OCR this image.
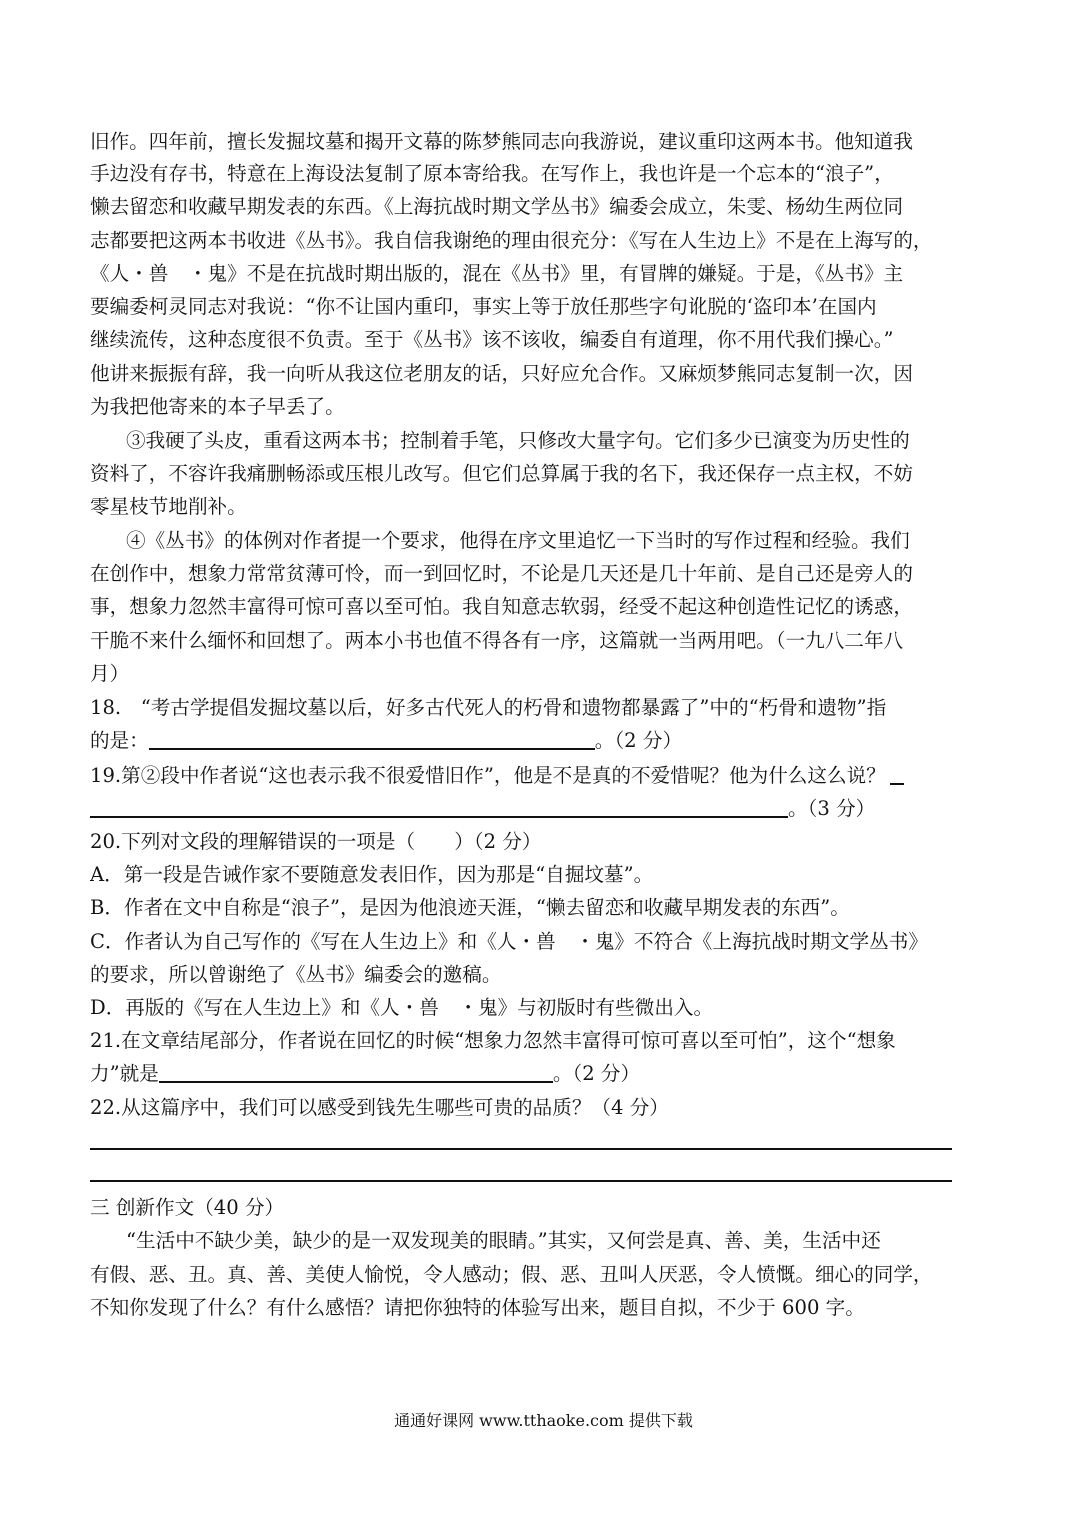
旧作。四年前，擅长发掘坟墓和揭开文幕的陈梦熊同志向我游说，建议重印这两本书。他知道我
手边没有存书，特意在上海设法复制了原本寄给我。在写作上，我也许是一个忘本的“浪子”，
懒去留恋和收藏早期发表的东西。《上海抗战时期文学丛书》编委会成立，朱雯、杨幼生两位同
志都要把这两本书收进《丛书》。我自信我谢绝的理由很充分：《写在人生边上》不是在上海写的，
《人・兽　・鬼》不是在抗战时期出版的，混在《丛书》里，有冒牌的嫌疑。于是，《丛书》主
要编委柯灵同志对我说：“你不让国内重印，事实上等于放任那些字句讹脱的‘盗印本’在国内
继续流传，这种态度很不负责。至于《丛书》该不该收，编委自有道理，你不用代我们操心。”
他讲来振振有辞，我一向听从我这位老朋友的话，只好应允合作。又麻烦梦熊同志复制一次，因
为我把他寄来的本子早丢了。
③我硬了头皮，重看这两本书；控制着手笔，只修改大量字句。它们多少已演变为历史性的
资料了，不容许我痛删畅添或压根儿改写。但它们总算属于我的名下，我还保存一点主权，不妨
零星枝节地削补。
④《丛书》的体例对作者提一个要求，他得在序文里追忆一下当时的写作过程和经验。我们
在创作中，想象力常常贫薄可怜，而一到回忆时，不论是几天还是几十年前、是自己还是旁人的
事，想象力忽然丰富得可惊可喜以至可怕。我自知意志软弱，经受不起这种创造性记忆的诱惑，
干脆不来什么缅怀和回想了。两本小书也值不得各有一序，这篇就一当两用吧。（一九八二年八
月）
18.　“考古学提倡发掘坟墓以后，好多古代死人的朽骨和遗物都暴露了”中的“朽骨和遗物”指
的是：	。（2 分）
19.第②段中作者说“这也表示我不很爱惜旧作”，他是不是真的不爱惜呢？他为什么这么说？
。（3 分）
20.下列对文段的理解错误的一项是（　　）（2 分）
A．第一段是告诫作家不要随意发表旧作，因为那是“自掘坟墓”。
B．作者在文中自称是“浪子”，是因为他浪迹天涯，“懒去留恋和收藏早期发表的东西”。
C．作者认为自己写作的《写在人生边上》和《人・兽　・鬼》不符合《上海抗战时期文学丛书》
的要求，所以曾谢绝了《丛书》编委会的邀稿。
D．再版的《写在人生边上》和《人・兽　・鬼》与初版时有些微出入。
21.在文章结尾部分，作者说在回忆的时候“想象力忽然丰富得可惊可喜以至可怕”，这个“想象
力”就是	。（2 分）
22.从这篇序中，我们可以感受到钱先生哪些可贵的品质？（4 分）
三 创新作文（40 分）
“生活中不缺少美，缺少的是一双发现美的眼睛。”其实，又何尝是真、善、美，生活中还
有假、恶、丑。真、善、美使人愉悦，令人感动；假、恶、丑叫人厌恶，令人愤慨。细心的同学，
不知你发现了什么？有什么感悟？请把你独特的体验写出来，题目自拟，不少于 600 字。
通通好课网 www.tthaoke.com 提供下载
